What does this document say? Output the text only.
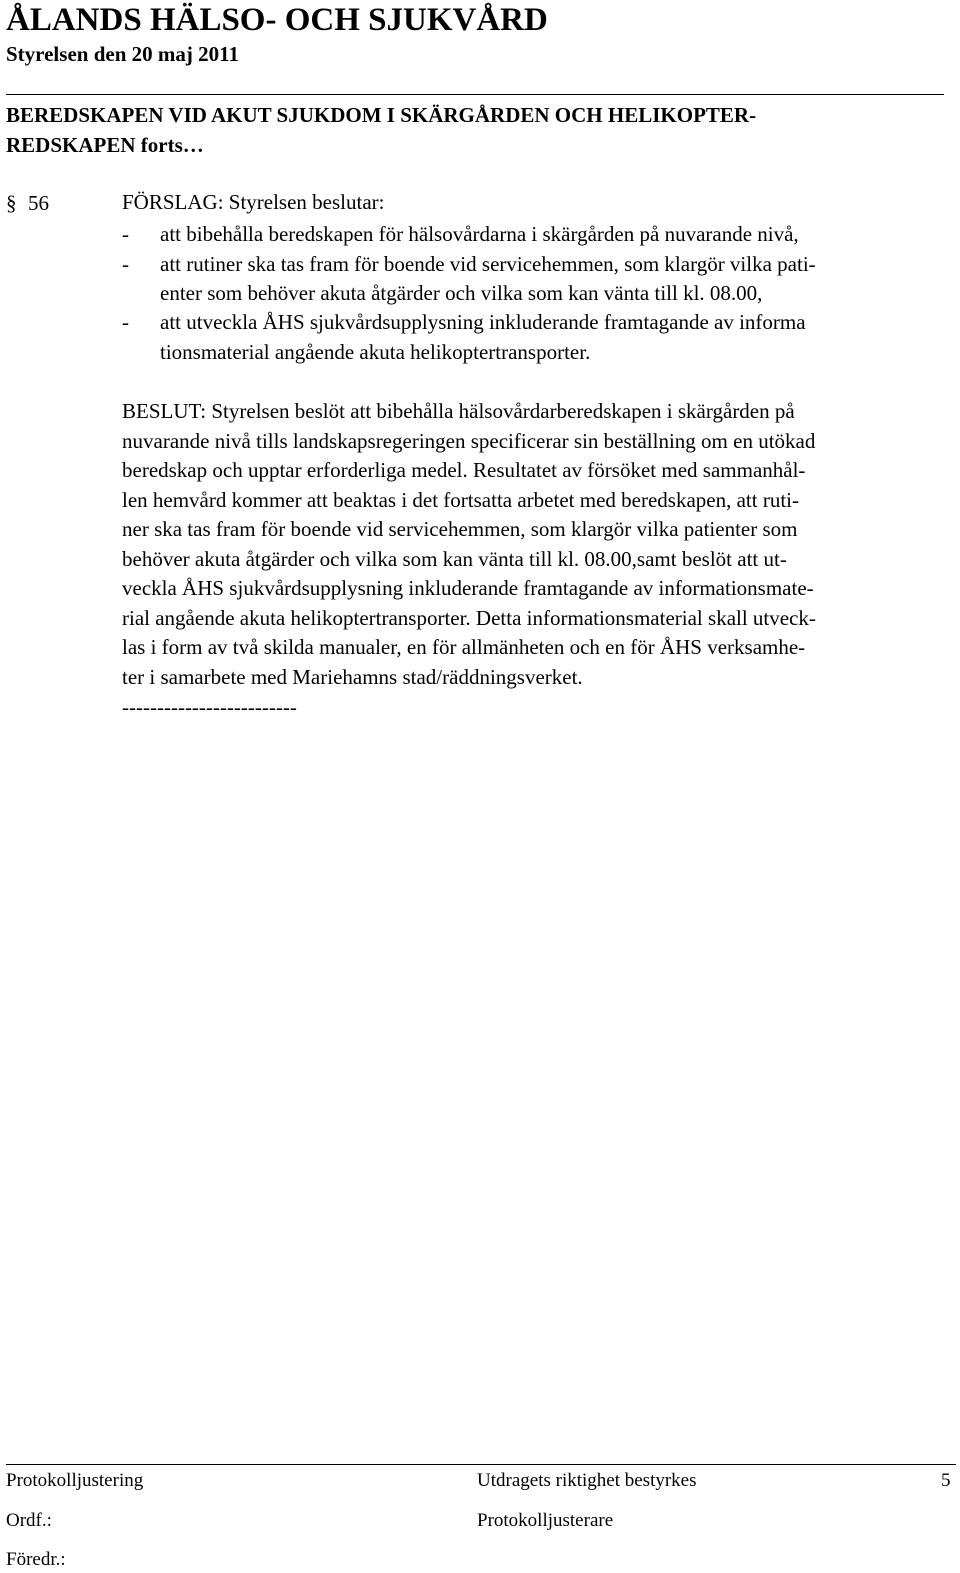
ÅLANDS HÄLSO- OCH SJUKVÅRD
Styrelsen den 20 maj 2011
BEREDSKAPEN VID AKUT SJUKDOM I SKÄRGÅRDEN OCH HELIKOPTER-
REDSKAPEN forts…
§ 56	FÖRSLAG: Styrelsen beslutar:
- att bibehålla beredskapen för hälsovårdarna i skärgården på nuvarande nivå,
- att rutiner ska tas fram för boende vid servicehemmen, som klargör vilka pati-
enter som behöver akuta åtgärder och vilka som kan vänta till kl. 08.00,
- att utveckla ÅHS sjukvårdsupplysning inkluderande framtagande av informa
tionsmaterial angående akuta helikoptertransporter.
BESLUT: Styrelsen beslöt att bibehålla hälsovårdarberedskapen i skärgården på
nuvarande nivå tills landskapsregeringen specificerar sin beställning om en utökad
beredskap och upptar erforderliga medel. Resultatet av försöket med sammanhål-
len hemvård kommer att beaktas i det fortsatta arbetet med beredskapen, att ruti-
ner ska tas fram för boende vid servicehemmen, som klargör vilka patienter som
behöver akuta åtgärder och vilka som kan vänta till kl. 08.00,samt beslöt att ut-
veckla ÅHS sjukvårdsupplysning inkluderande framtagande av informationsmate-
rial angående akuta helikoptertransporter. Detta informationsmaterial skall utveck-
las i form av två skilda manualer, en för allmänheten och en för ÅHS verksamhe-
ter i samarbete med Mariehamns stad/räddningsverket.
-------------------------
Protokolljustering	Utdragets riktighet bestyrkes	5
Ordf.:	Protokolljusterare
Föredr.:
